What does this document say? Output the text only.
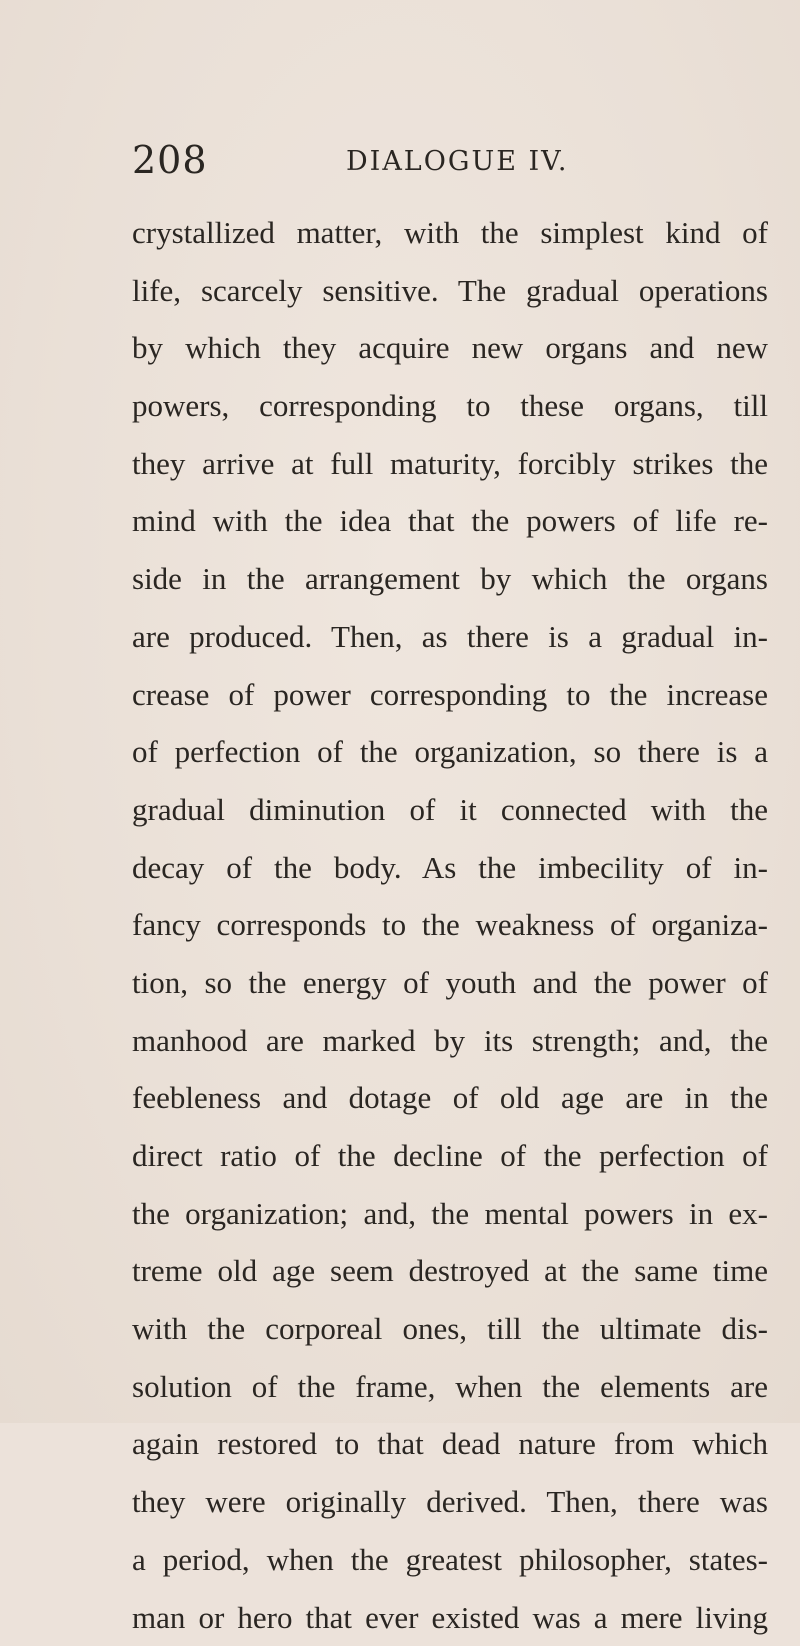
208	DIALOGUE IV.
crystallized matter, with the simplest kind of
life, scarcely sensitive. The gradual operations
by which they acquire new organs and new
powers, corresponding to these organs, till
they arrive at full maturity, forcibly strikes the
mind with the idea that the powers of life re-
side in the arrangement by which the organs
are produced. Then, as there is a gradual in-
crease of power corresponding to the increase
of perfection of the organization, so there is a
gradual diminution of it connected with the
decay of the body. As the imbecility of in-
fancy corresponds to the weakness of organiza-
tion, so the energy of youth and the power of
manhood are marked by its strength; and, the
feebleness and dotage of old age are in the
direct ratio of the decline of the perfection of
the organization; and, the mental powers in ex-
treme old age seem destroyed at the same time
with the corporeal ones, till the ultimate dis-
solution of the frame, when the elements are
again restored to that dead nature from which
they were originally derived. Then, there was
a period, when the greatest philosopher, states-
man or hero that ever existed was a mere living
